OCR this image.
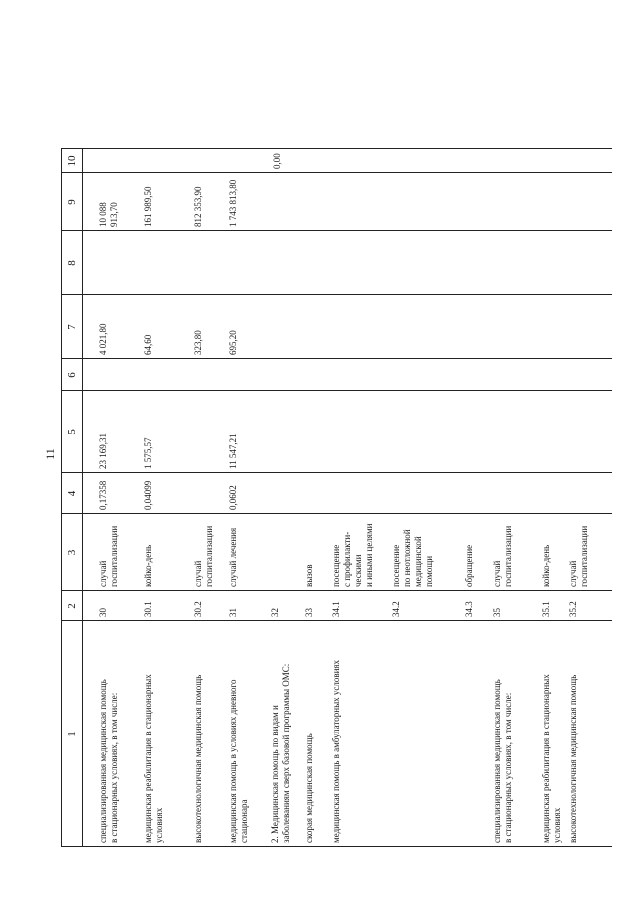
1
2
3
4
5
6
7
8
9
10
специализированная медицинская помощь в стационарных условиях, в том числе:
30
случай госпитализации
0,17358
23 169,31
4 021,80
10 088 913,70
медицинская реабилитация в стационарных условиях
30.1
койко-день
0,04099
1 575,57
64,60
161 989,50
высокотехнологичная медицинская помощь
30.2
случай госпитализации
323,80
812 353,90
медицинская помощь в условиях дневного стационара
31
случай лечения
0,0602
11 547,21
695,20
1 743 813,80
2. Медицинская помощь по видам и заболеваниям сверх базовой программы ОМС:
32
скорая медицинская помощь
33
вызов
медицинская помощь в амбулаторных условиях
34.1
посещение с профилакти- ческими и иными целями
34.2
посещение по неотложной медицинской помощи
34.3
обращение
специализированная медицинская помощь в стационарных условиях, в том числе:
35
случай госпитализации
медицинская реабилитация в стационарных условиях
35.1
койко-день
высокотехнологичная медицинская помощь
35.2
случай госпитализации
0,00
11
